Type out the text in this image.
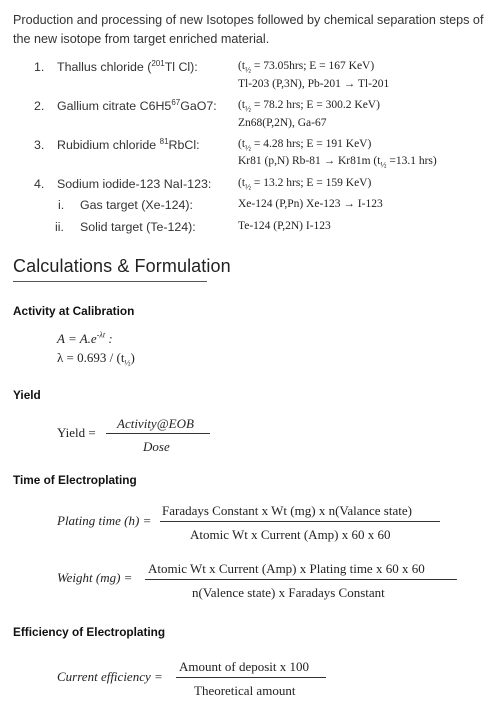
Production and processing of new Isotopes followed by chemical separation steps of the new isotope from target enriched material.
1. Thallus chloride ($^{201}$Tl Cl):	($t_{\frac{1}{2}} = 73.05hrs$; E = 167 KeV)
Tl-203 (P,3N), Pb-201 → Tl-201
2. Gallium citrate $C6H5^{67}GaO7$: ($t_{\frac{1}{2}} = 78.2$ hrs; E = 300.2 KeV)
Zn68(P,2N), Ga-67
3. Rubidium chloride $^{81}$RbCl:	($t_{\frac{1}{2}} = 4.28$ hrs; E = 191 KeV)
Kr81 (p,N) Rb-81 → Kr81m ($t_{\frac{1}{2}} =13.1$ hrs)
4. Sodium iodide-123 NaI-123: ($t_{\frac{1}{2}} = 13.2$ hrs; E = 159 KeV)
i. Gas target (Xe-124):	Xe-124 (P,Pn) Xe-123 → I-123
ii. Solid target (Te-124):	Te-124 (P,2N) I-123
Calculations & Formulation
Activity at Calibration
$A = A.e^{-\lambda t}$ :
$\lambda = 0.693 / (t_{\frac{1}{2}})$
Yield
Yield =
Activity@EOB
Dose
Time of Electroplating
Plating time (h) =
Faradays Constant x Wt (mg) x n(Valance state)
Atomic Wt x Current (Amp) x 60 x 60
Weight (mg) =
Atomic Wt x Current (Amp) x Plating time x 60 x 60
n(Valence state) x Faradays Constant
Efficiency of Electroplating
Current efficiency =
Amount of deposit x 100
Theoretical amount
